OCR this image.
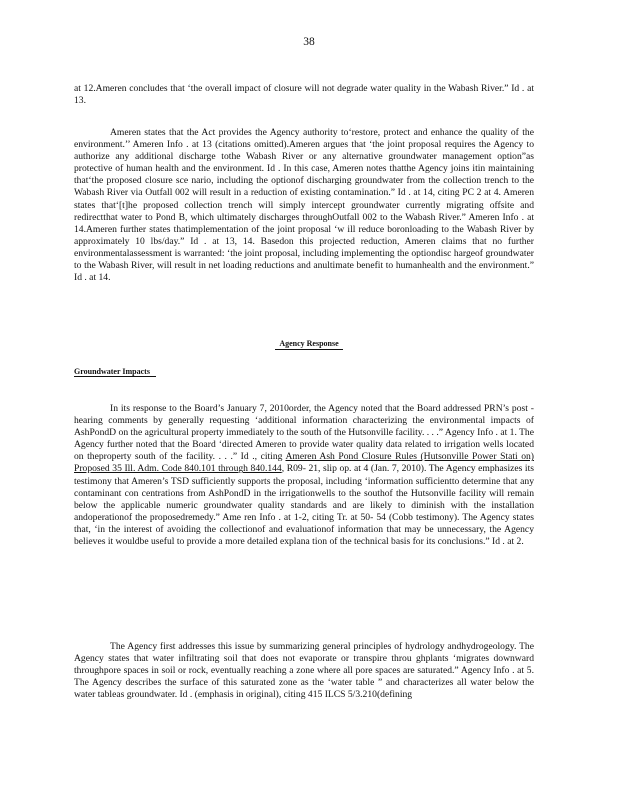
38

at 12.Ameren concludes that ‘the overall impact of closure will not degrade water quality in the Wabash River.” Id . at 13.

Ameren states that the Act provides the Agency authority to‘restore, protect and enhance the quality of the environment.’’ Ameren Info . at 13 (citations omitted).Ameren argues that ‘the joint proposal requires the Agency to authorize any additional discharge tothe Wabash River or any alternative groundwater management option”as protective of human health and the environment. Id . In this case, Ameren notes thatthe Agency joins itin maintaining that‘the proposed closure sce nario, including the optionof discharging groundwater from the collection trench to the Wabash River via Outfall 002 will result in a reduction of existing contamination.” Id . at 14, citing PC 2 at 4. Ameren states that‘[t]he proposed collection trench will simply intercept groundwater currently migrating offsite and redirectthat water to Pond B, which ultimately discharges throughOutfall 002 to the Wabash River.” Ameren Info . at 14.Ameren further states thatimplementation of the joint proposal ‘w ill reduce boronloading to the Wabash River by approximately 10 lbs/day.” Id . at 13, 14. Basedon this projected reduction, Ameren claims that no further environmentalassessment is warranted: ‘the joint proposal, including implementing the optiondisc hargeof groundwater to the Wabash River, will result in net loading reductions and anultimate benefit to humanhealth and the environment.” Id . at 14.

Agency Response
Groundwater Impacts

In its response to the Board’s January 7, 2010order, the Agency noted that the Board addressed PRN’s post - hearing comments by generally requesting ‘additional information characterizing the environmental impacts of AshPondD on the agricultural property immediately to the south of the Hutsonville facility. . . .” Agency Info . at 1. The Agency further noted that the Board ‘directed Ameren to provide water quality data related to irrigation wells located on theproperty south of the facility. . . .” Id ., citing Ameren Ash Pond Closure Rules (Hutsonville Power Stati on) Proposed 35 Ill. Adm. Code 840.101 through 840.144, R09- 21, slip op. at 4 (Jan. 7, 2010). The Agency emphasizes its testimony that Ameren’s TSD sufficiently supports the proposal, including ‘information sufficientto determine that any contaminant con centrations from AshPondD in the irrigationwells to the southof the Hutsonville facility will remain below the applicable numeric groundwater quality standards and are likely to diminish with the installation andoperationof the proposedremedy.” Ame ren Info . at 1-2, citing Tr. at 50- 54 (Cobb testimony). The Agency states that, ‘in the interest of avoiding the collectionof and evaluationof information that may be unnecessary, the Agency believes it wouldbe useful to provide a more detailed explana tion of the technical basis for its conclusions.” Id . at 2.

The Agency first addresses this issue by summarizing general principles of hydrology andhydrogeology. The Agency states that water infiltrating soil that does not evaporate or transpire throu ghplants ‘migrates downward throughpore spaces in soil or rock, eventually reaching a zone where all pore spaces are saturated.” Agency Info . at 5. The Agency describes the surface of this saturated zone as the ‘water table ” and characterizes all water below the water tableas groundwater. Id . (emphasis in original), citing 415 ILCS 5/3.210(defining
